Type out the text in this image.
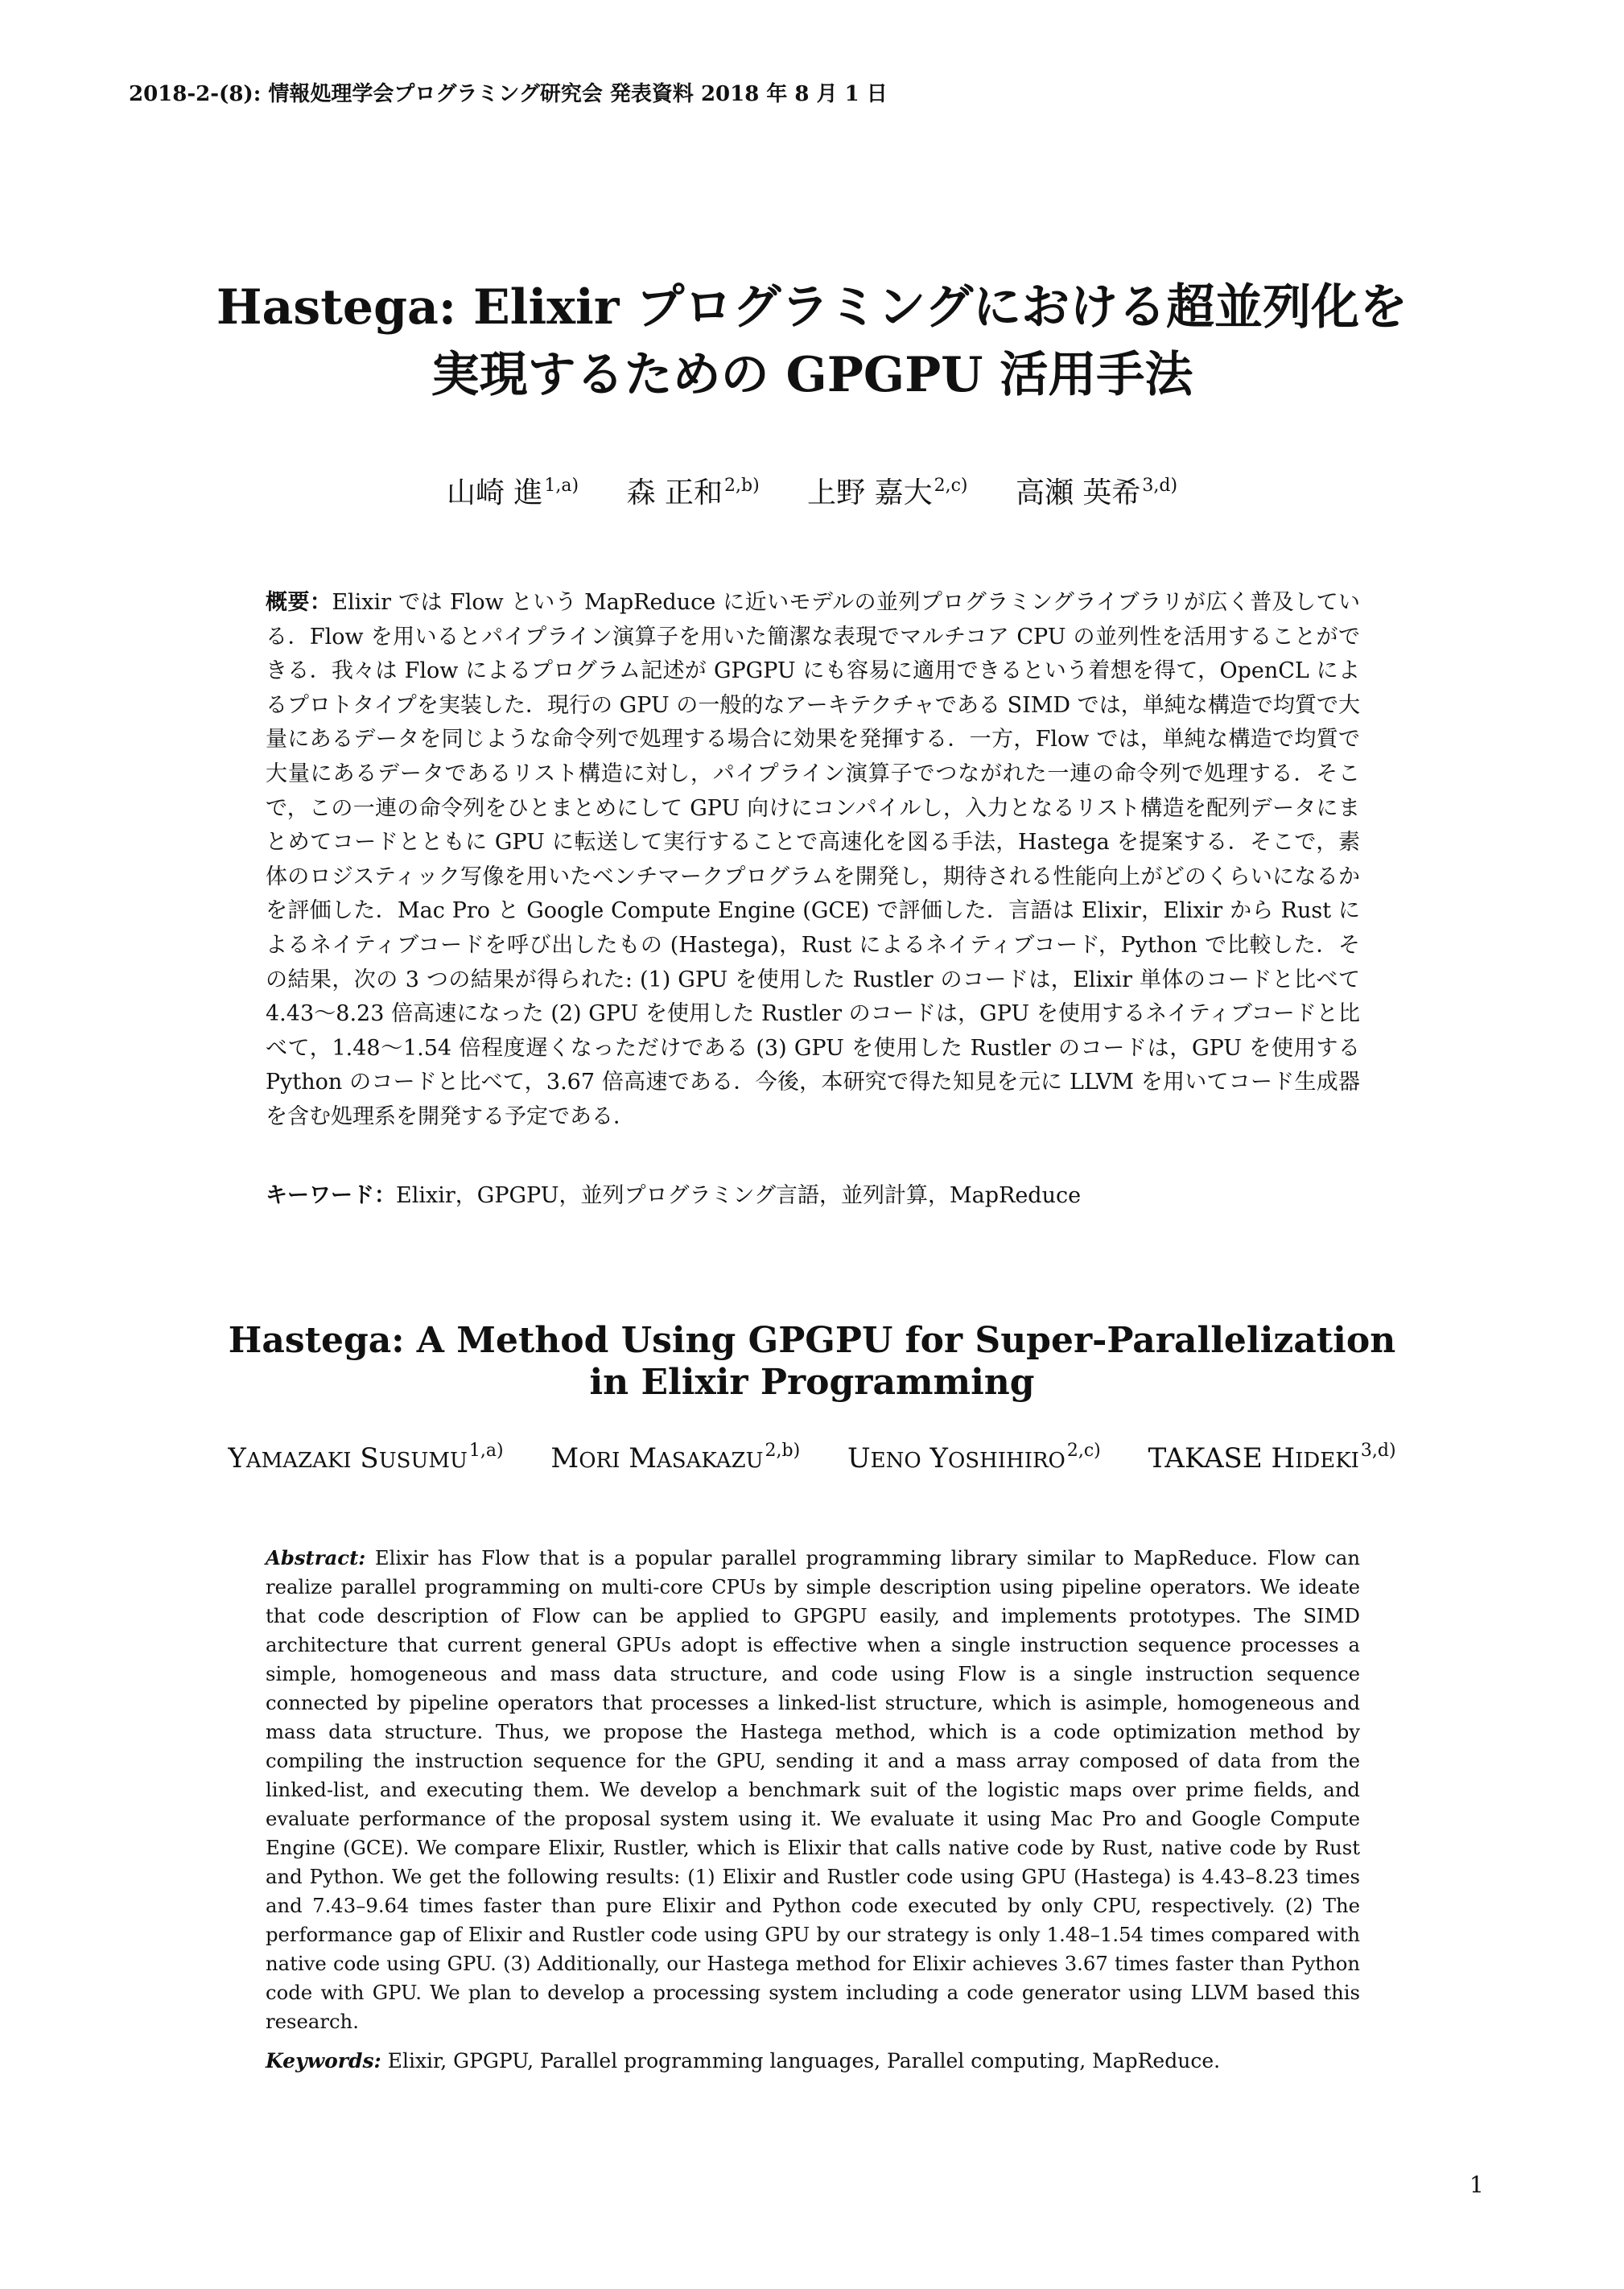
2018-2-(8): 情報処理学会プログラミング研究会 発表資料 2018 年 8 月 1 日
Hastega: Elixir プログラミングにおける超並列化を
実現するための GPGPU 活用手法
山崎 進$^{1,a)}$ 森 正和$^{2,b)}$ 上野 嘉大$^{2,c)}$ 高瀬 英希$^{3,d)}$
概要：Elixir では Flow という MapReduce に近いモデルの並列プログラミングライブラリが広く普及している．Flow を用いるとパイプライン演算子を用いた簡潔な表現でマルチコア CPU の並列性を活用することができる．我々は Flow によるプログラム記述が GPGPU にも容易に適用できるという着想を得て，OpenCL によるプロトタイプを実装した．現行の GPU の一般的なアーキテクチャである SIMD では，単純な構造で均質で大量にあるデータを同じような命令列で処理する場合に効果を発揮する．一方，Flow では，単純な構造で均質で大量にあるデータであるリスト構造に対し，パイプライン演算子でつながれた一連の命令列で処理する．そこで，この一連の命令列をひとまとめにして GPU 向けにコンパイルし，入力となるリスト構造を配列データにまとめてコードとともに GPU に転送して実行することで高速化を図る手法，Hastega を提案する．そこで，素体のロジスティック写像を用いたベンチマークプログラムを開発し，期待される性能向上がどのくらいになるかを評価した．Mac Pro と Google Compute Engine (GCE) で評価した．言語は Elixir，Elixir から Rust によるネイティブコードを呼び出したもの (Hastega)，Rust によるネイティブコード，Python で比較した．その結果，次の 3 つの結果が得られた: (1) GPU を使用した Rustler のコードは，Elixir 単体のコードと比べて 4.43〜8.23 倍高速になった (2) GPU を使用した Rustler のコードは，GPU を使用するネイティブコードと比べて，1.48〜1.54 倍程度遅くなっただけである (3) GPU を使用した Rustler のコードは，GPU を使用する Python のコードと比べて，3.67 倍高速である．今後，本研究で得た知見を元に LLVM を用いてコード生成器を含む処理系を開発する予定である．
キーワード：Elixir，GPGPU，並列プログラミング言語，並列計算，MapReduce
Hastega: A Method Using GPGPU for Super-Parallelization
in Elixir Programming
YAMAZAKI SUSUMU$^{1,a)}$ MORI MASAKAZU$^{2,b)}$ UENO YOSHIHIRO$^{2,c)}$ TAKASE HIDEKI$^{3,d)}$
Abstract: Elixir has Flow that is a popular parallel programming library similar to MapReduce. Flow can realize parallel programming on multi-core CPUs by simple description using pipeline operators. We ideate that code description of Flow can be applied to GPGPU easily, and implements prototypes. The SIMD architecture that current general GPUs adopt is effective when a single instruction sequence processes a simple, homogeneous and mass data structure, and code using Flow is a single instruction sequence connected by pipeline operators that processes a linked-list structure, which is asimple, homogeneous and mass data structure. Thus, we propose the Hastega method, which is a code optimization method by compiling the instruction sequence for the GPU, sending it and a mass array composed of data from the linked-list, and executing them. We develop a benchmark suit of the logistic maps over prime fields, and evaluate performance of the proposal system using it. We evaluate it using Mac Pro and Google Compute Engine (GCE). We compare Elixir, Rustler, which is Elixir that calls native code by Rust, native code by Rust and Python. We get the following results: (1) Elixir and Rustler code using GPU (Hastega) is 4.43–8.23 times and 7.43–9.64 times faster than pure Elixir and Python code executed by only CPU, respectively. (2) The performance gap of Elixir and Rustler code using GPU by our strategy is only 1.48–1.54 times compared with native code using GPU. (3) Additionally, our Hastega method for Elixir achieves 3.67 times faster than Python code with GPU. We plan to develop a processing system including a code generator using LLVM based this research.
Keywords: Elixir, GPGPU, Parallel programming languages, Parallel computing, MapReduce.
1
